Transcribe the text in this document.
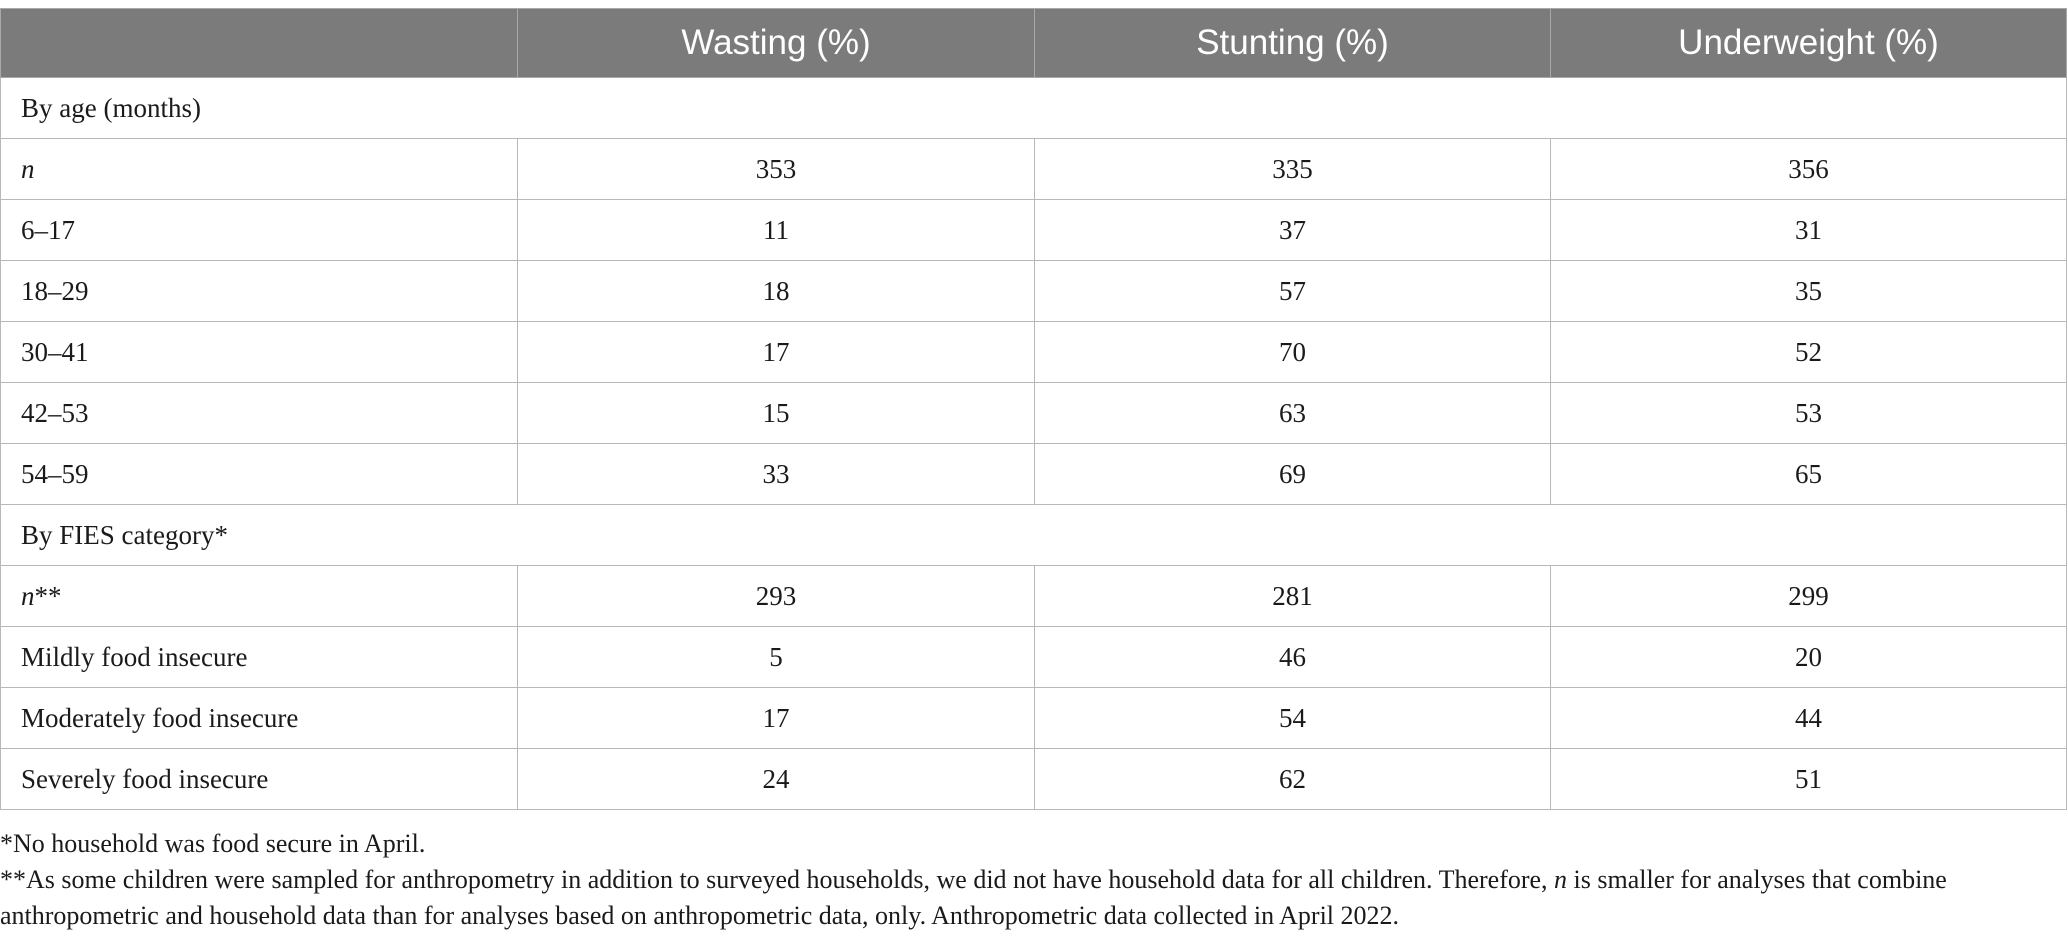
	Wasting (%)	Stunting (%)	Underweight (%)
By age (months)			
n	353	335	356
6–17	11	37	31
18–29	18	57	35
30–41	17	70	52
42–53	15	63	53
54–59	33	69	65
By FIES category*			
n**	293	281	299
Mildly food insecure	5	46	20
Moderately food insecure	17	54	44
Severely food insecure	24	62	51

*No household was food secure in April.

**As some children were sampled for anthropometry in addition to surveyed households, we did not have household data for all children. Therefore, n is smaller for analyses that combine anthropometric and household data than for analyses based on anthropometric data, only. Anthropometric data collected in April 2022.
